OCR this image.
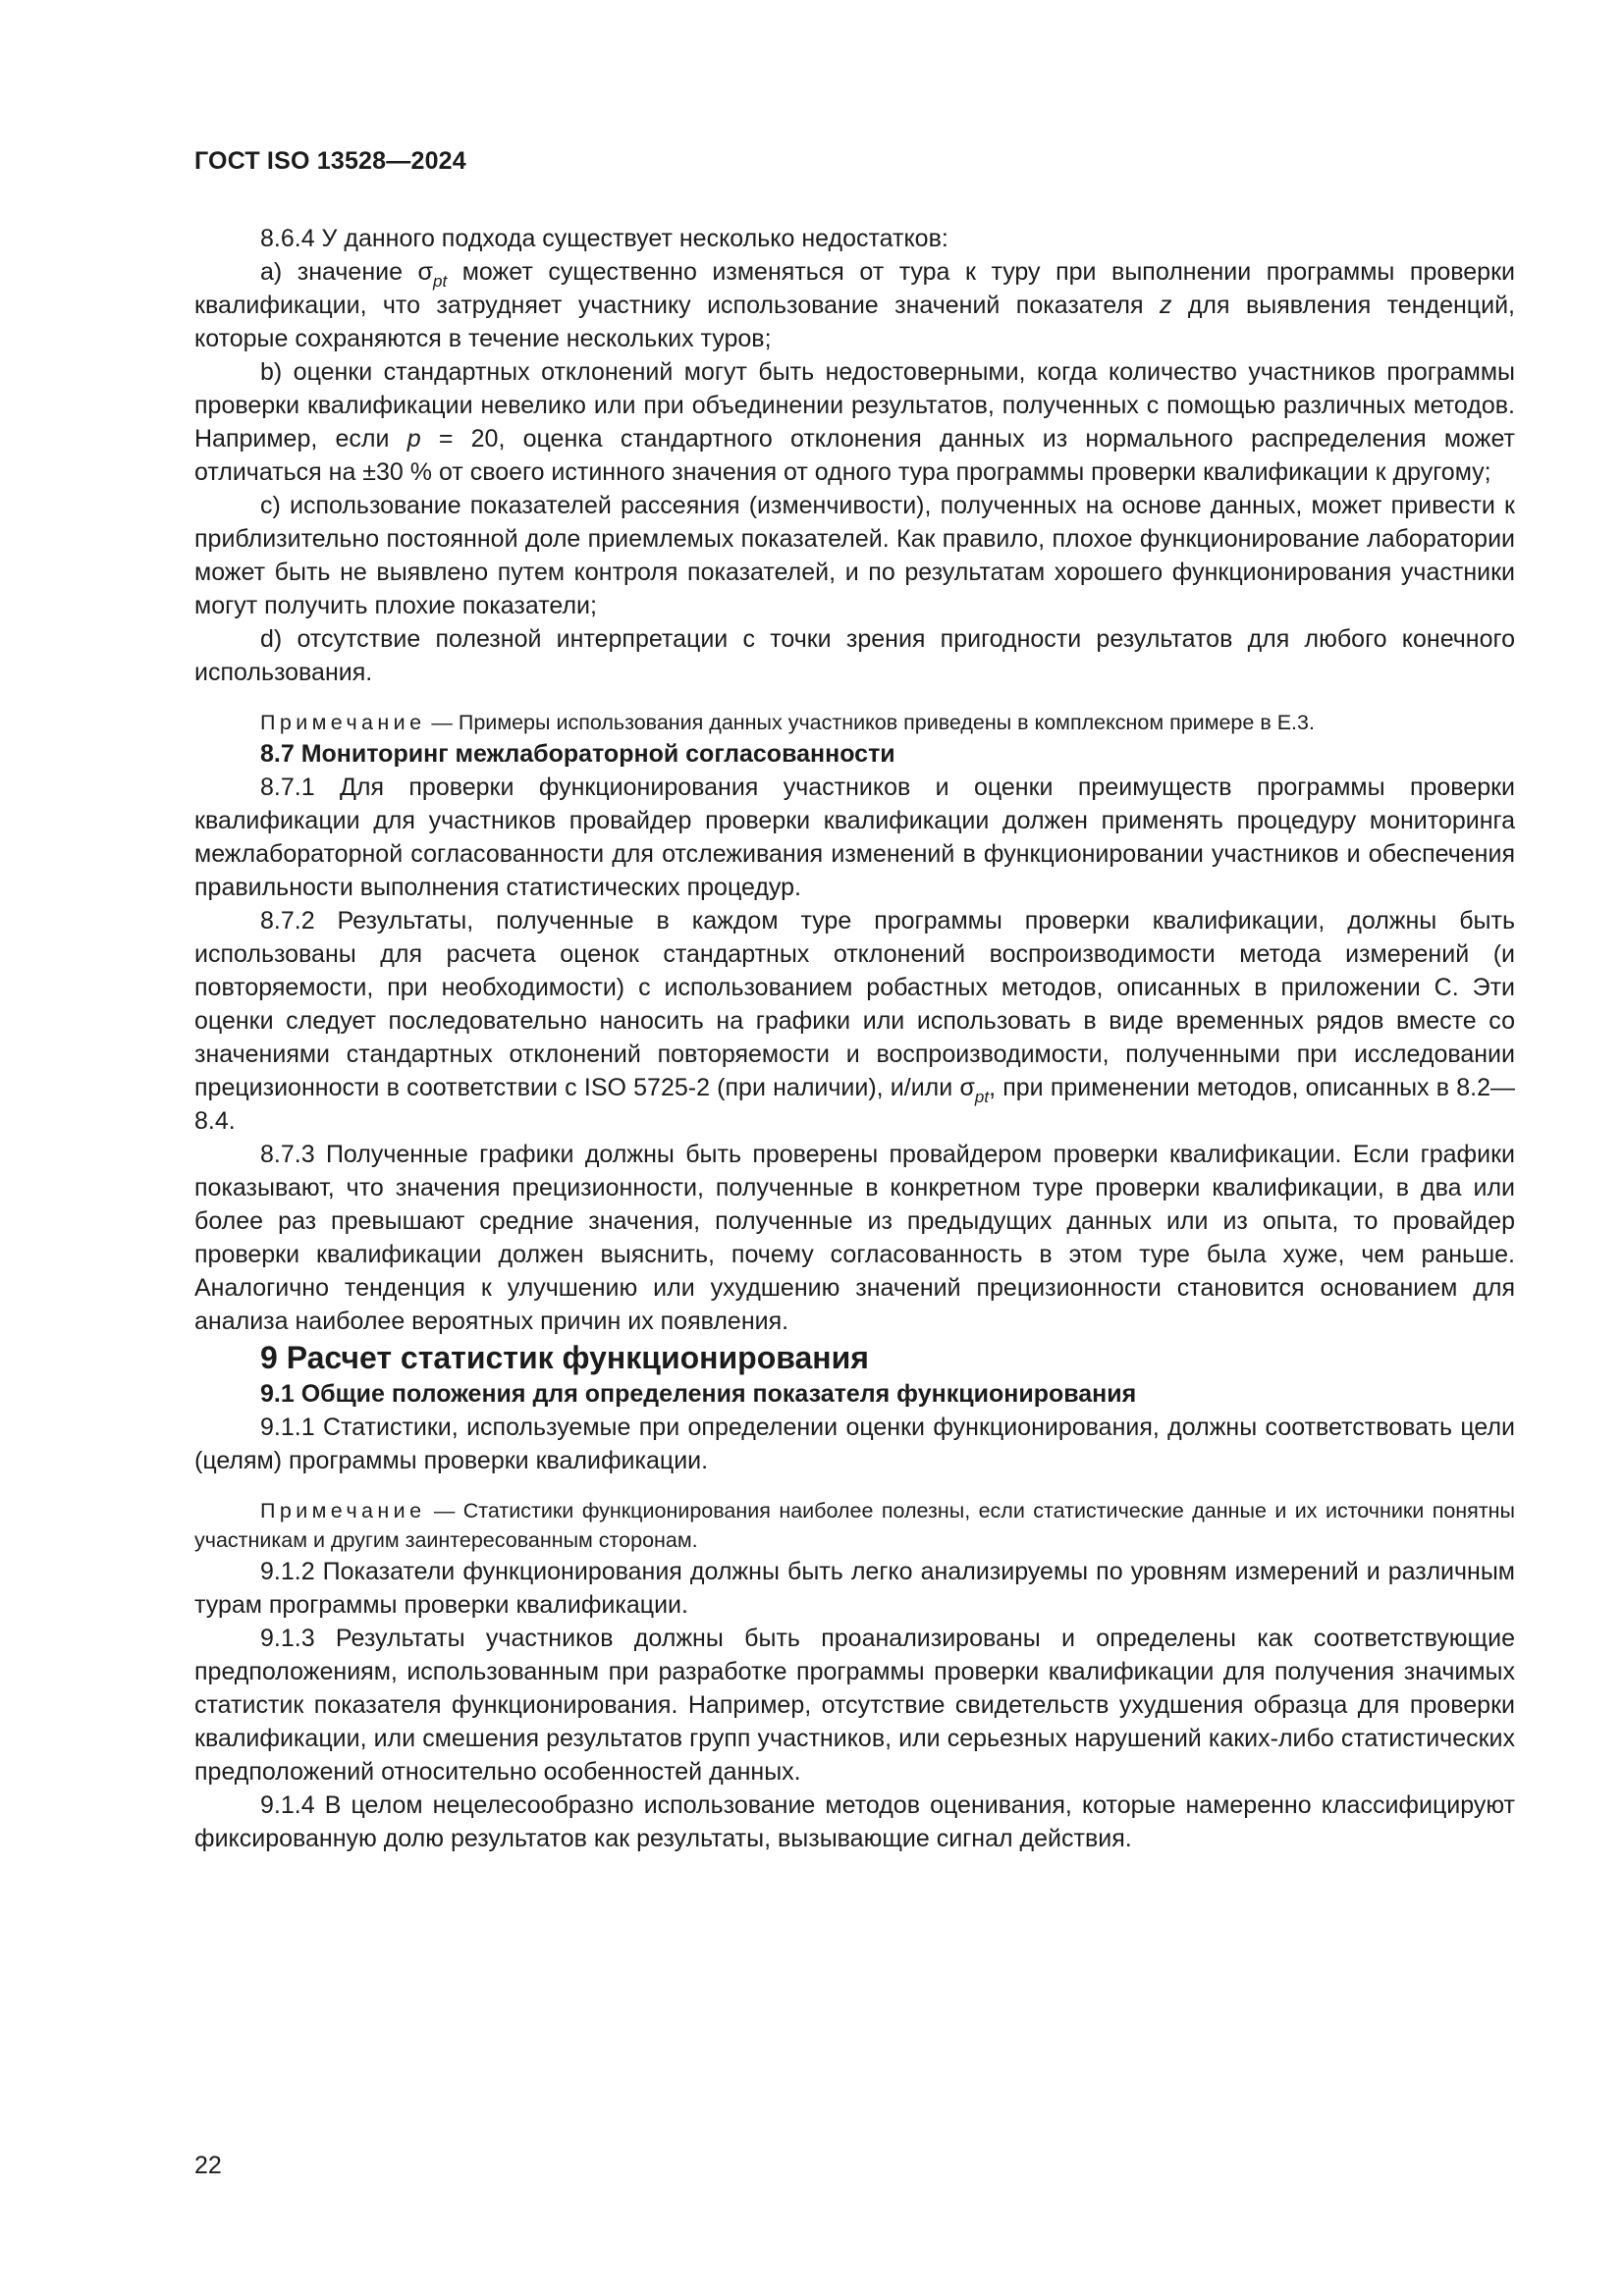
ГОСТ ISO 13528—2024

8.6.4 У данного подхода существует несколько недостатков:

а) значение $\sigma_{pt}$ может существенно изменяться от тура к туру при выполнении программы проверки квалификации, что затрудняет участнику использование значений показателя z для выявления тенденций, которые сохраняются в течение нескольких туров;

b) оценки стандартных отклонений могут быть недостоверными, когда количество участников программы проверки квалификации невелико или при объединении результатов, полученных с помощью различных методов. Например, если p = 20, оценка стандартного отклонения данных из нормального распределения может отличаться на ±30 % от своего истинного значения от одного тура программы проверки квалификации к другому;

с) использование показателей рассеяния (изменчивости), полученных на основе данных, может привести к приблизительно постоянной доле приемлемых показателей. Как правило, плохое функционирование лаборатории может быть не выявлено путем контроля показателей, и по результатам хорошего функционирования участники могут получить плохие показатели;

d) отсутствие полезной интерпретации с точки зрения пригодности результатов для любого конечного использования.

Примечание — Примеры использования данных участников приведены в комплексном примере в Е.3.

8.7 Мониторинг межлабораторной согласованности

8.7.1 Для проверки функционирования участников и оценки преимуществ программы проверки квалификации для участников провайдер проверки квалификации должен применять процедуру мониторинга межлабораторной согласованности для отслеживания изменений в функционировании участников и обеспечения правильности выполнения статистических процедур.

8.7.2 Результаты, полученные в каждом туре программы проверки квалификации, должны быть использованы для расчета оценок стандартных отклонений воспроизводимости метода измерений (и повторяемости, при необходимости) с использованием робастных методов, описанных в приложении С. Эти оценки следует последовательно наносить на графики или использовать в виде временных рядов вместе со значениями стандартных отклонений повторяемости и воспроизводимости, полученными при исследовании прецизионности в соответствии с ISO 5725-2 (при наличии), и/или $\sigma_{pt}$, при применении методов, описанных в 8.2—8.4.

8.7.3 Полученные графики должны быть проверены провайдером проверки квалификации. Если графики показывают, что значения прецизионности, полученные в конкретном туре проверки квалификации, в два или более раз превышают средние значения, полученные из предыдущих данных или из опыта, то провайдер проверки квалификации должен выяснить, почему согласованность в этом туре была хуже, чем раньше. Аналогично тенденция к улучшению или ухудшению значений прецизионности становится основанием для анализа наиболее вероятных причин их появления.

9 Расчет статистик функционирования
9.1 Общие положения для определения показателя функционирования

9.1.1 Статистики, используемые при определении оценки функционирования, должны соответствовать цели (целям) программы проверки квалификации.

Примечание — Статистики функционирования наиболее полезны, если статистические данные и их источники понятны участникам и другим заинтересованным сторонам.

9.1.2 Показатели функционирования должны быть легко анализируемы по уровням измерений и различным турам программы проверки квалификации.

9.1.3 Результаты участников должны быть проанализированы и определены как соответствующие предположениям, использованным при разработке программы проверки квалификации для получения значимых статистик показателя функционирования. Например, отсутствие свидетельств ухудшения образца для проверки квалификации, или смешения результатов групп участников, или серьезных нарушений каких-либо статистических предположений относительно особенностей данных.

9.1.4 В целом нецелесообразно использование методов оценивания, которые намеренно классифицируют фиксированную долю результатов как результаты, вызывающие сигнал действия.

22
